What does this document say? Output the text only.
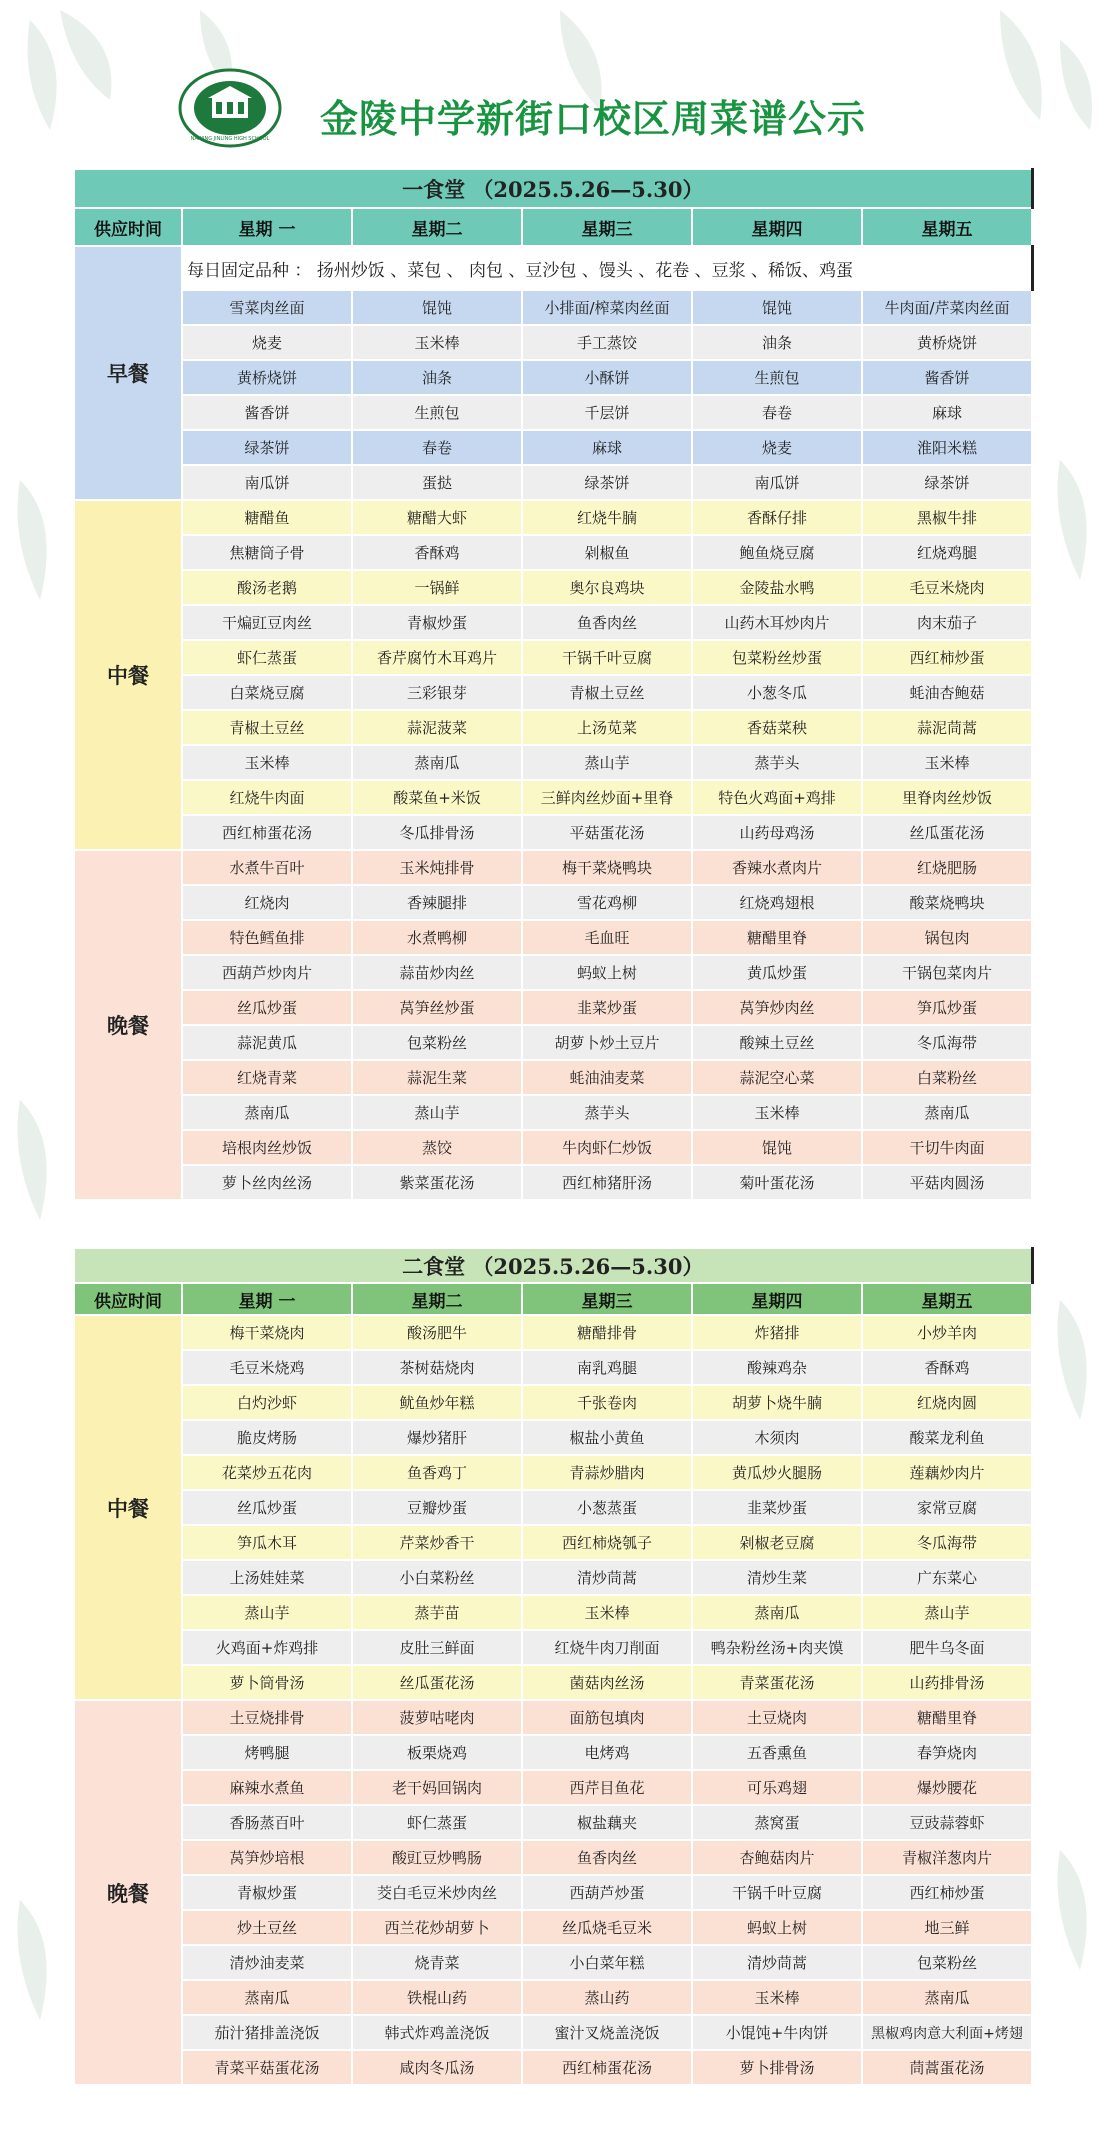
NANJING JINLING HIGH SCHOOL 金陵中学新街口校区周菜谱公示
一食堂 （2025.5.26—5.30）					
供应时间	星期 一	星期二	星期三	星期四	星期五
早餐	每日固定品种 ： 扬州炒饭 、菜包 、 肉包 、豆沙包 、馒头 、花卷 、豆浆 、稀饭、鸡蛋				
	雪菜肉丝面	馄饨	小排面/榨菜肉丝面	馄饨	牛肉面/芹菜肉丝面
	烧麦	玉米棒	手工蒸饺	油条	黄桥烧饼
	黄桥烧饼	油条	小酥饼	生煎包	酱香饼
	酱香饼	生煎包	千层饼	春卷	麻球
	绿茶饼	春卷	麻球	烧麦	淮阳米糕
	南瓜饼	蛋挞	绿茶饼	南瓜饼	绿茶饼
中餐	糖醋鱼	糖醋大虾	红烧牛腩	香酥仔排	黑椒牛排
	焦糖筒子骨	香酥鸡	剁椒鱼	鲍鱼烧豆腐	红烧鸡腿
	酸汤老鹅	一锅鲜	奥尔良鸡块	金陵盐水鸭	毛豆米烧肉
	干煸豇豆肉丝	青椒炒蛋	鱼香肉丝	山药木耳炒肉片	肉末茄子
	虾仁蒸蛋	香芹腐竹木耳鸡片	干锅千叶豆腐	包菜粉丝炒蛋	西红柿炒蛋
	白菜烧豆腐	三彩银芽	青椒土豆丝	小葱冬瓜	蚝油杏鲍菇
	青椒土豆丝	蒜泥菠菜	上汤苋菜	香菇菜秧	蒜泥茼蒿
	玉米棒	蒸南瓜	蒸山芋	蒸芋头	玉米棒
	红烧牛肉面	酸菜鱼+米饭	三鲜肉丝炒面+里脊	特色火鸡面+鸡排	里脊肉丝炒饭
	西红柿蛋花汤	冬瓜排骨汤	平菇蛋花汤	山药母鸡汤	丝瓜蛋花汤
晚餐	水煮牛百叶	玉米炖排骨	梅干菜烧鸭块	香辣水煮肉片	红烧肥肠
	红烧肉	香辣腿排	雪花鸡柳	红烧鸡翅根	酸菜烧鸭块
	特色鳕鱼排	水煮鸭柳	毛血旺	糖醋里脊	锅包肉
	西葫芦炒肉片	蒜苗炒肉丝	蚂蚁上树	黄瓜炒蛋	干锅包菜肉片
	丝瓜炒蛋	莴笋丝炒蛋	韭菜炒蛋	莴笋炒肉丝	笋瓜炒蛋
	蒜泥黄瓜	包菜粉丝	胡萝卜炒土豆片	酸辣土豆丝	冬瓜海带
	红烧青菜	蒜泥生菜	蚝油油麦菜	蒜泥空心菜	白菜粉丝
	蒸南瓜	蒸山芋	蒸芋头	玉米棒	蒸南瓜
	培根肉丝炒饭	蒸饺	牛肉虾仁炒饭	馄饨	干切牛肉面
	萝卜丝肉丝汤	紫菜蛋花汤	西红柿猪肝汤	菊叶蛋花汤	平菇肉圆汤
二食堂 （2025.5.26—5.30）					
供应时间	星期 一	星期二	星期三	星期四	星期五
中餐	梅干菜烧肉	酸汤肥牛	糖醋排骨	炸猪排	小炒羊肉
	毛豆米烧鸡	茶树菇烧肉	南乳鸡腿	酸辣鸡杂	香酥鸡
	白灼沙虾	鱿鱼炒年糕	千张卷肉	胡萝卜烧牛腩	红烧肉圆
	脆皮烤肠	爆炒猪肝	椒盐小黄鱼	木须肉	酸菜龙利鱼
	花菜炒五花肉	鱼香鸡丁	青蒜炒腊肉	黄瓜炒火腿肠	莲藕炒肉片
	丝瓜炒蛋	豆瓣炒蛋	小葱蒸蛋	韭菜炒蛋	家常豆腐
	笋瓜木耳	芹菜炒香干	西红柿烧瓠子	剁椒老豆腐	冬瓜海带
	上汤娃娃菜	小白菜粉丝	清炒茼蒿	清炒生菜	广东菜心
	蒸山芋	蒸芋苗	玉米棒	蒸南瓜	蒸山芋
	火鸡面+炸鸡排	皮肚三鲜面	红烧牛肉刀削面	鸭杂粉丝汤+肉夹馍	肥牛乌冬面
	萝卜筒骨汤	丝瓜蛋花汤	菌菇肉丝汤	青菜蛋花汤	山药排骨汤
晚餐	土豆烧排骨	菠萝咕咾肉	面筋包填肉	土豆烧肉	糖醋里脊
	烤鸭腿	板栗烧鸡	电烤鸡	五香熏鱼	春笋烧肉
	麻辣水煮鱼	老干妈回锅肉	西芹目鱼花	可乐鸡翅	爆炒腰花
	香肠蒸百叶	虾仁蒸蛋	椒盐藕夹	蒸窝蛋	豆豉蒜蓉虾
	莴笋炒培根	酸豇豆炒鸭肠	鱼香肉丝	杏鲍菇肉片	青椒洋葱肉片
	青椒炒蛋	茭白毛豆米炒肉丝	西葫芦炒蛋	干锅千叶豆腐	西红柿炒蛋
	炒土豆丝	西兰花炒胡萝卜	丝瓜烧毛豆米	蚂蚁上树	地三鲜
	清炒油麦菜	烧青菜	小白菜年糕	清炒茼蒿	包菜粉丝
	蒸南瓜	铁棍山药	蒸山药	玉米棒	蒸南瓜
	茄汁猪排盖浇饭	韩式炸鸡盖浇饭	蜜汁叉烧盖浇饭	小馄饨+牛肉饼	黑椒鸡肉意大利面+烤翅
	青菜平菇蛋花汤	咸肉冬瓜汤	西红柿蛋花汤	萝卜排骨汤	茼蒿蛋花汤
